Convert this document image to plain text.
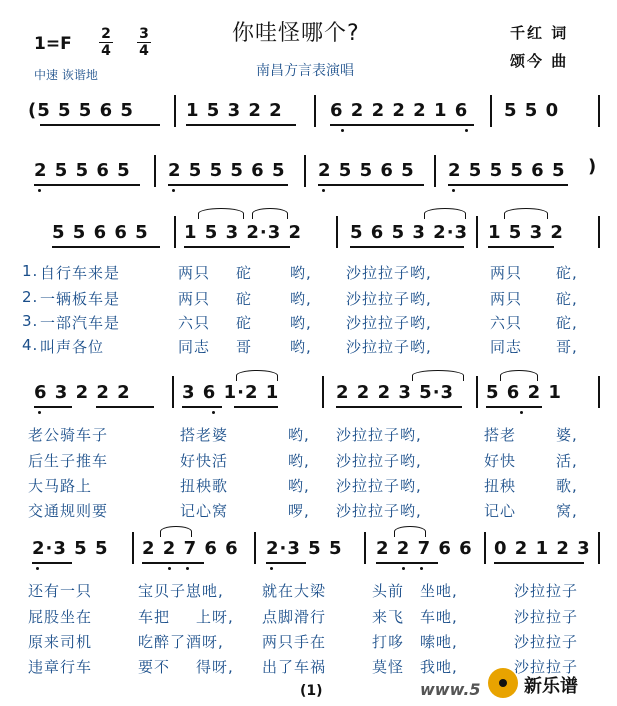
1=F 2
4
3
4
你哇怪哪个?
南昌方言表演唱
中速 诙谐地
千红 词
颂今 曲
(5 5 5 6 5	1 5 3 2 2	6 2 2 2 2 1 6 5 5 0
2 5 5 6 5 2 5 5 5 6 5 2 5 5 6 5 2 5 5 5 6 5 )
5 5 6 6 5 1 5 3 2·3 2	5 6 5 3 2·3 1 5 3 2
1. 自行车来是	两只 砣	哟, 沙拉拉子哟,	两只 砣,
2. 一辆板车是	两只 砣	哟, 沙拉拉子哟,	两只 砣,
3. 一部汽车是	六只 砣	哟, 沙拉拉子哟,	六只 砣,
4. 叫声各位	同志 哥	哟, 沙拉拉子哟,	同志 哥,
6 3 2 2 2	3 6 1·2 1	2 2 2 3 5·3 5 6 2 1
老公骑车子	搭老婆	哟, 沙拉拉子哟,	搭老	婆,
后生子推车	好快活	哟, 沙拉拉子哟,	好快	活,
大马路上	扭秧歌	哟, 沙拉拉子哟,	扭秧	歌,
交通规则要	记心窝	啰, 沙拉拉子哟,	记心	窝,
2·3 5 5 2 2 7 6 6 2·3 5 5 2 2 7 6 6 0 2 1 2 3
还有一只	宝贝子崽吔,	就在大梁	头前 坐吔,	沙拉拉子
屁股坐在	车把 上呀, 点脚滑行	来飞 车吔,	沙拉拉子
原来司机	吃醉了酒呀,	两只手在	打哆 嗦吔,	沙拉拉子
违章行车	要不 得呀, 出了车祸	莫怪 我吔,	沙拉拉子
(1)	www.5 新乐谱
